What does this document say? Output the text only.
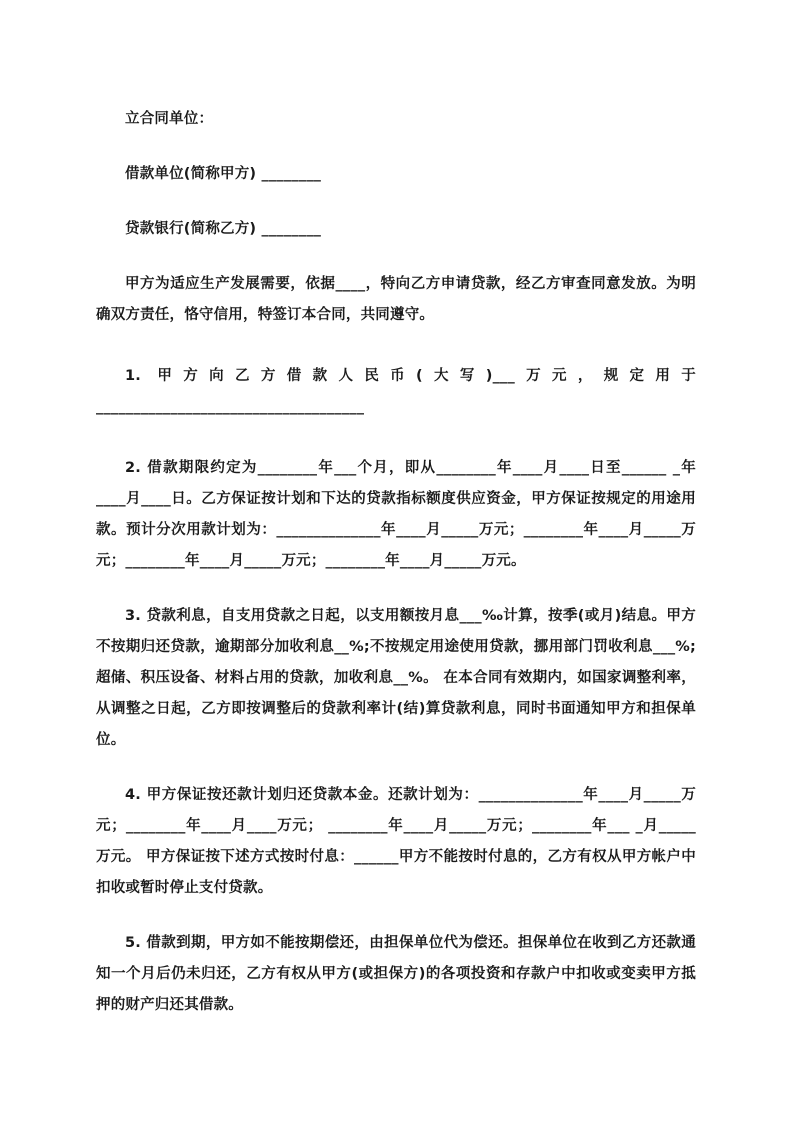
立合同单位：

借款单位(简称甲方) ________

贷款银行(简称乙方) ________

甲方为适应生产发展需要，依据____，特向乙方申请贷款，经乙方审查同意发放。为明确双方责任，恪守信用，特签订本合同，共同遵守。

1. 甲方向乙方借款人民币(大写)___万元，规定用于 ____________________________________

2. 借款期限约定为________年___个月，即从________年____月____日至______ _年____月____日。乙方保证按计划和下达的贷款指标额度供应资金，甲方保证按规定的用途用款。预计分次用款计划为：______________年____月_____万元；________年____月_____万元；________年____月_____万元；________年____月_____万元。

3. 贷款利息，自支用贷款之日起，以支用额按月息___‰计算，按季(或月)结息。甲方不按期归还贷款，逾期部分加收利息__%;不按规定用途使用贷款，挪用部门罚收利息___%;超储、积压设备、材料占用的贷款，加收利息__%。 在本合同有效期内，如国家调整利率，从调整之日起，乙方即按调整后的贷款利率计(结)算贷款利息，同时书面通知甲方和担保单位。

4. 甲方保证按还款计划归还贷款本金。还款计划为：______________年____月_____万元；________年____月____万元； ________年____月_____万元；________年___ _月_____万元。 甲方保证按下述方式按时付息：______甲方不能按时付息的，乙方有权从甲方帐户中扣收或暂时停止支付贷款。

5. 借款到期，甲方如不能按期偿还，由担保单位代为偿还。担保单位在收到乙方还款通知一个月后仍未归还，乙方有权从甲方(或担保方)的各项投资和存款户中扣收或变卖甲方抵押的财产归还其借款。
